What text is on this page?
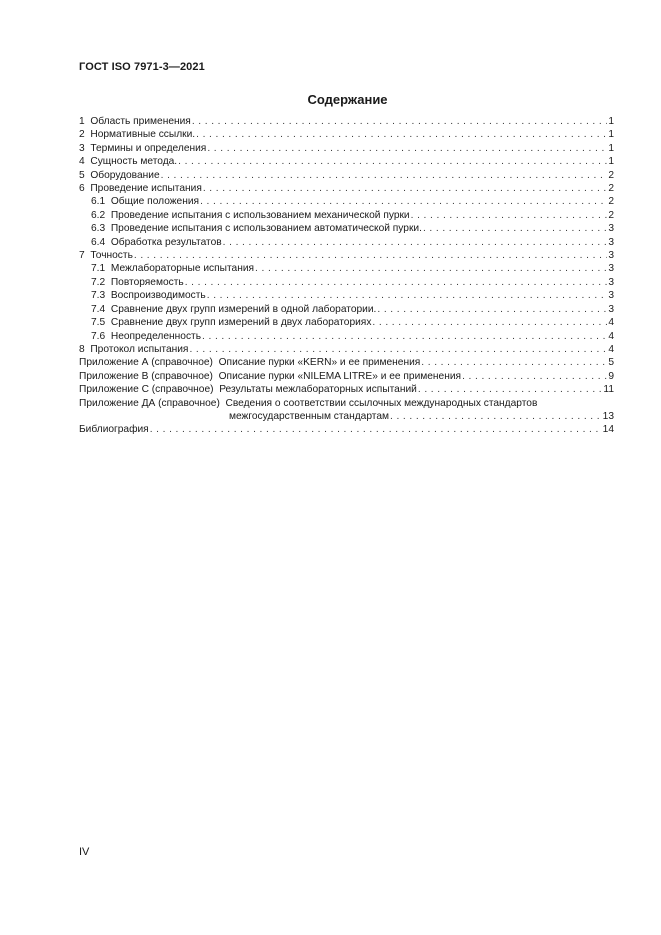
ГОСТ ISO 7971-3—2021
Содержание
1 Область применения . . .	1
2 Нормативные ссылки. . . .	1
3 Термины и определения . . .	1
4 Сущность метода. . . .	1
5 Оборудование . . .	2
6 Проведение испытания . . .	2
6.1 Общие положения . . .	2
6.2 Проведение испытания с использованием механической пурки . . .	2
6.3 Проведение испытания с использованием автоматической пурки. . . .	3
6.4 Обработка результатов . . .	3
7 Точность . . .	3
7.1 Межлабораторные испытания . . .	3
7.2 Повторяемость . . .	3
7.3 Воспроизводимость . . .	3
7.4 Сравнение двух групп измерений в одной лаборатории. . . .	3
7.5 Сравнение двух групп измерений в двух лабораториях . . .	4
7.6 Неопределенность . . .	4
8 Протокол испытания . . .	4
Приложение А (справочное) Описание пурки «KERN» и ее применения . . .	5
Приложение В (справочное) Описание пурки «NILEMA LITRE» и ее применения . . .	9
Приложение С (справочное) Результаты межлабораторных испытаний . . .	11
Приложение ДА (справочное) Сведения о соответствии ссылочных международных стандартов
межгосударственным стандартам . . .	13
Библиография . . .	14
IV
